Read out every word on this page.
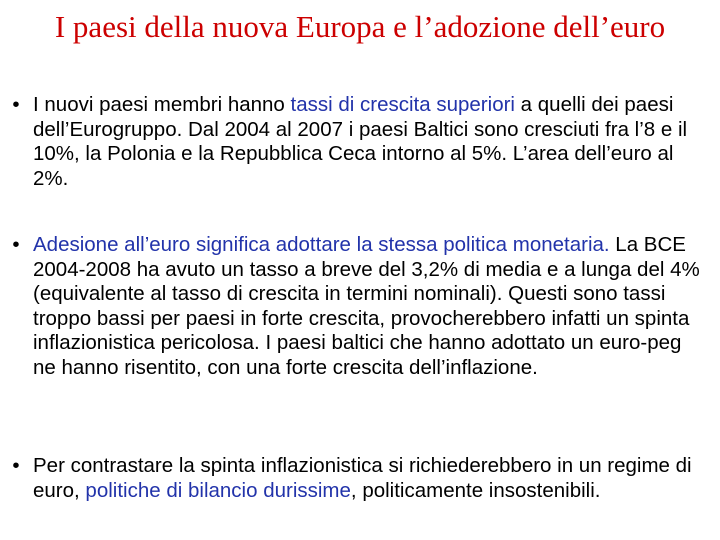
I paesi della nuova Europa e l’adozione dell’euro
• I nuovi paesi membri hanno tassi di crescita superiori a quelli dei paesi dell’Eurogruppo. Dal 2004 al 2007 i paesi Baltici sono cresciuti fra l’8 e il 10%, la Polonia e la Repubblica Ceca intorno al 5%. L’area dell’euro al 2%.
• Adesione all’euro significa adottare la stessa politica monetaria. La BCE 2004-2008 ha avuto un tasso a breve del 3,2% di media e a lunga del 4% (equivalente al tasso di crescita in termini nominali). Questi sono tassi troppo bassi per paesi in forte crescita, provocherebbero infatti un spinta inflazionistica pericolosa. I paesi baltici che hanno adottato un euro-peg ne hanno risentito, con una forte crescita dell’inflazione.
• Per contrastare la spinta inflazionistica si richiederebbero in un regime di euro, politiche di bilancio durissime, politicamente insostenibili.
